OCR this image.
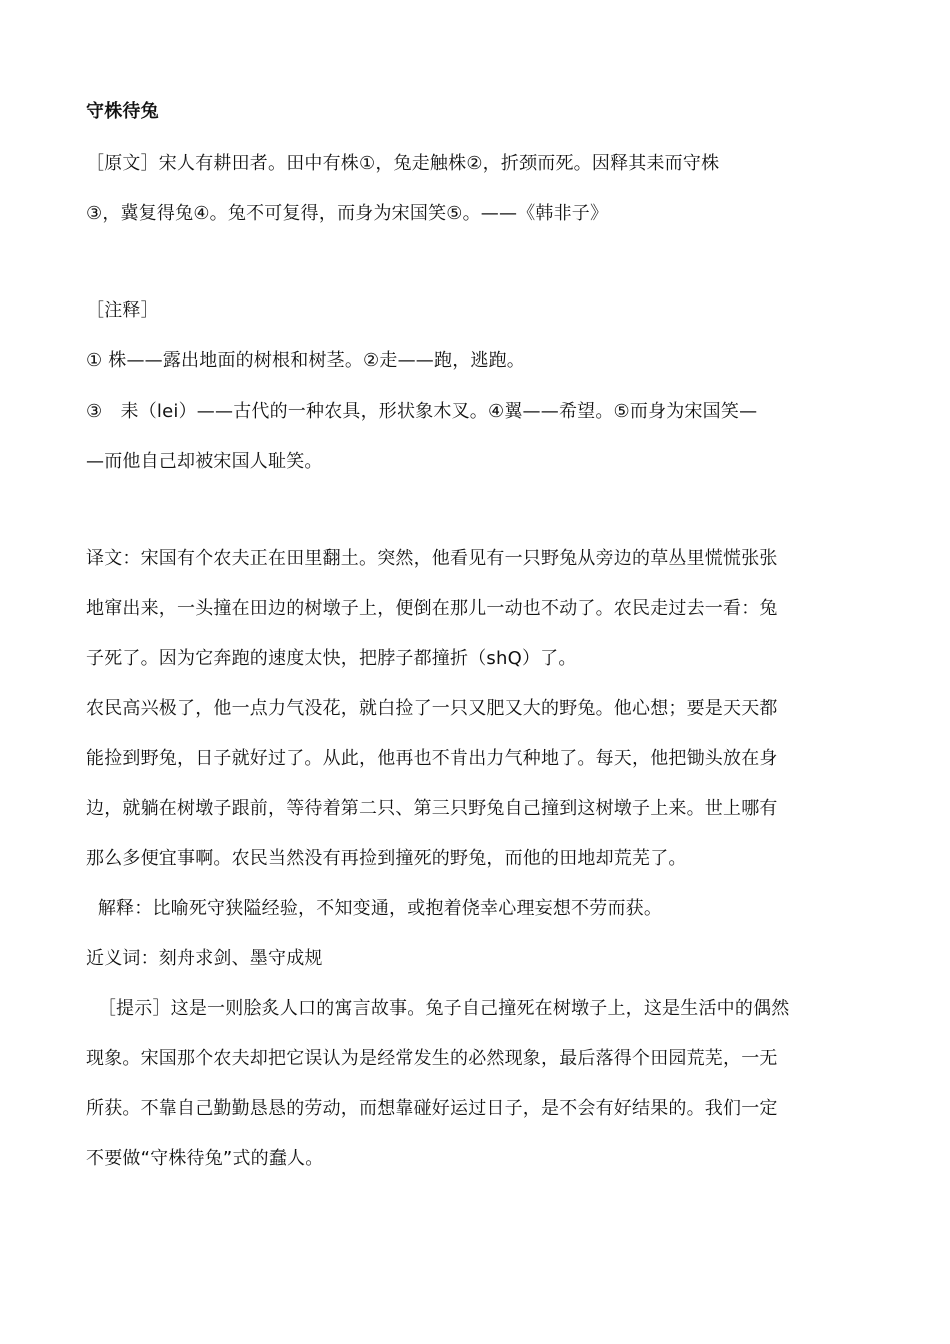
守株待兔
［原文］宋人有耕田者。田中有株①，兔走触株②，折颈而死。因释其耒而守株
③，冀复得兔④。兔不可复得，而身为宋国笑⑤。——《韩非子》
［注释］
① 株——露出地面的树根和树茎。②走——跑，逃跑。
③　耒（lei）——古代的一种农具，形状象木叉。④翼——希望。⑤而身为宋国笑—
—而他自己却被宋国人耻笑。
译文：宋国有个农夫正在田里翻土。突然，他看见有一只野兔从旁边的草丛里慌慌张张
地窜出来，一头撞在田边的树墩子上，便倒在那儿一动也不动了。农民走过去一看：兔
子死了。因为它奔跑的速度太快，把脖子都撞折（shQ）了。
农民高兴极了，他一点力气没花，就白捡了一只又肥又大的野兔。他心想；要是天天都
能捡到野兔，日子就好过了。从此，他再也不肯出力气种地了。每天，他把锄头放在身
边，就躺在树墩子跟前，等待着第二只、第三只野兔自己撞到这树墩子上来。世上哪有
那么多便宜事啊。农民当然没有再捡到撞死的野兔，而他的田地却荒芜了。
解释：比喻死守狭隘经验，不知变通，或抱着侥幸心理妄想不劳而获。
近义词：刻舟求剑、墨守成规
［提示］这是一则脍炙人口的寓言故事。兔子自己撞死在树墩子上，这是生活中的偶然
现象。宋国那个农夫却把它误认为是经常发生的必然现象，最后落得个田园荒芜，一无
所获。不靠自己勤勤恳恳的劳动，而想靠碰好运过日子，是不会有好结果的。我们一定
不要做“守株待兔”式的蠢人。
